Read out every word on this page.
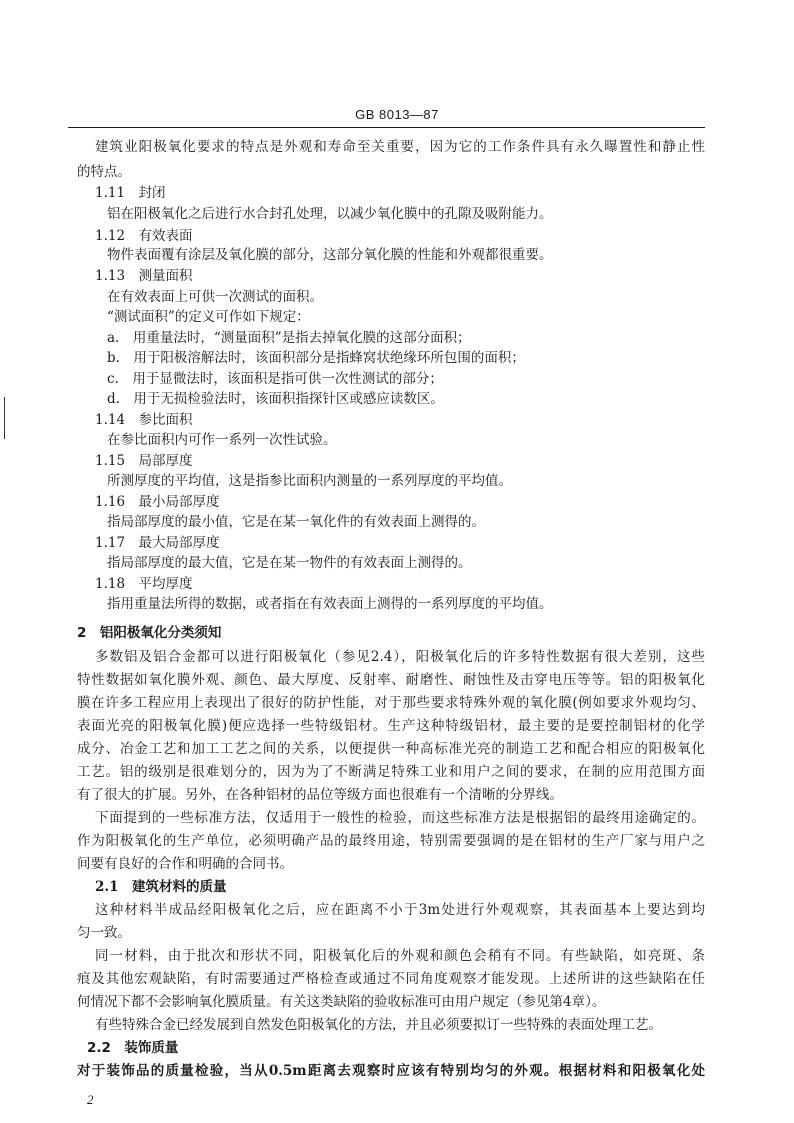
GB 8013—87
建筑业阳极氧化要求的特点是外观和寿命至关重要，因为它的工作条件具有永久曝置性和静止性
的特点。
1.11　封闭
铝在阳极氧化之后进行水合封孔处理，以减少氧化膜中的孔隙及吸附能力。
1.12　有效表面
物件表面覆有涂层及氧化膜的部分，这部分氧化膜的性能和外观都很重要。
1.13　测量面积
在有效表面上可供一次测试的面积。
“测试面积”的定义可作如下规定：
a.　用重量法时，“测量面积”是指去掉氧化膜的这部分面积；
b.　用于阳极溶解法时，该面积部分是指蜂窝状绝缘环所包围的面积；
c.　用于显微法时，该面积是指可供一次性测试的部分；
d.　用于无损检验法时，该面积指探针区或感应读数区。
1.14　参比面积
在参比面积内可作一系列一次性试验。
1.15　局部厚度
所测厚度的平均值，这是指参比面积内测量的一系列厚度的平均值。
1.16　最小局部厚度
指局部厚度的最小值，它是在某一氧化件的有效表面上测得的。
1.17　最大局部厚度
指局部厚度的最大值，它是在某一物件的有效表面上测得的。
1.18　平均厚度
指用重量法所得的数据，或者指在有效表面上测得的一系列厚度的平均值。
2　铝阳极氧化分类须知
多数铝及铝合金都可以进行阳极氧化（参见2.4），阳极氧化后的许多特性数据有很大差别，这些
特性数据如氧化膜外观、颜色、最大厚度、反射率、耐磨性、耐蚀性及击穿电压等等。铝的阳极氧化
膜在许多工程应用上表现出了很好的防护性能，对于那些要求特殊外观的氧化膜(例如要求外观均匀、
表面光亮的阳极氧化膜)便应选择一些特级铝材。生产这种特级铝材，最主要的是要控制铝材的化学
成分、冶金工艺和加工工艺之间的关系，以便提供一种高标准光亮的制造工艺和配合相应的阳极氧化
工艺。铝的级别是很难划分的，因为为了不断满足特殊工业和用户之间的要求，在制的应用范围方面
有了很大的扩展。另外，在各种铝材的品位等级方面也很难有一个清晰的分界线。
下面提到的一些标准方法，仅适用于一般性的检验，而这些标准方法是根据铝的最终用途确定的。
作为阳极氧化的生产单位，必须明确产品的最终用途，特别需要强调的是在铝材的生产厂家与用户之
间要有良好的合作和明确的合同书。
2.1　建筑材料的质量
这种材料半成品经阳极氧化之后，应在距离不小于3m处进行外观观察，其表面基本上要达到均
匀一致。
同一材料，由于批次和形状不同，阳极氧化后的外观和颜色会稍有不同。有些缺陷，如亮斑、条
痕及其他宏观缺陷，有时需要通过严格检查或通过不同角度观察才能发现。上述所讲的这些缺陷在任
何情况下都不会影响氧化膜质量。有关这类缺陷的验收标准可由用户规定（参见第4章）。
有些特殊合金已经发展到自然发色阳极氧化的方法，并且必须要拟订一些特殊的表面处理工艺。
2.2　装饰质量
对于装饰品的质量检验，当从0.5m距离去观察时应该有特别均匀的外观。根据材料和阳极氧化处
2
